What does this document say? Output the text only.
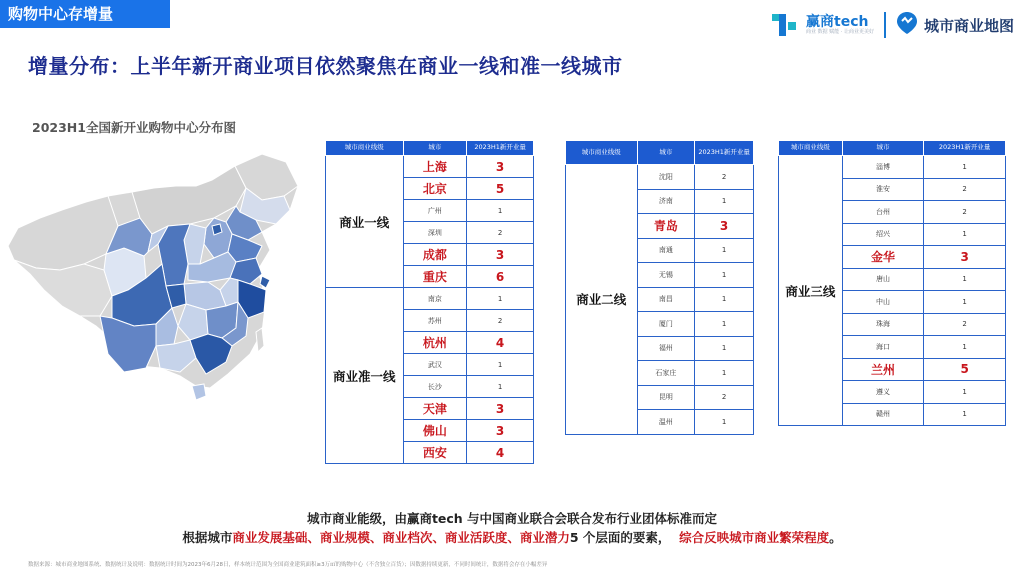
购物中心存增量	赢商tech
商业 数据 赋能 · 让商业更美好	城市商业地图
增量分布：上半年新开商业项目依然聚焦在商业一线和准一线城市
2023H1全国新开业购物中心分布图
城市商业线级	城市	2023H1新开业量
商业一线	上海	3
	北京	5
	广州	1
	深圳	2
	成都	3
	重庆	6
商业准一线	南京	1
	苏州	2
	杭州	4
	武汉	1
	长沙	1
	天津	3
	佛山	3
	西安	4
城市商业线级	城市	2023H1新开业量
商业二线	沈阳	2
	济南	1
	青岛	3
	南通	1
	无锡	1
	南昌	1
	厦门	1
	福州	1
	石家庄	1
	昆明	2
	温州	1
城市商业线级	城市	2023H1新开业量
商业三线	淄博	1
	淮安	2
	台州	2
	绍兴	1
	金华	3
	唐山	1
	中山	1
	珠海	2
	海口	1
	兰州	5
	遵义	1
	赣州	1
城市商业能级，由赢商tech 与中国商业联合会联合发布行业团体标准而定
根据城市商业发展基础、商业规模、商业档次、商业活跃度、商业潜力5 个层面的要素， 综合反映城市商业繁荣程度。
数据来源：城市商业地图系统、数据统计及说明：数据统计时间为2023年6月28日，样本统计范围为全国商业建筑面积≥3万㎡的购物中心（不含独立百货）；因数据持续更新，不同时间统计，数据将会存在小幅差异
